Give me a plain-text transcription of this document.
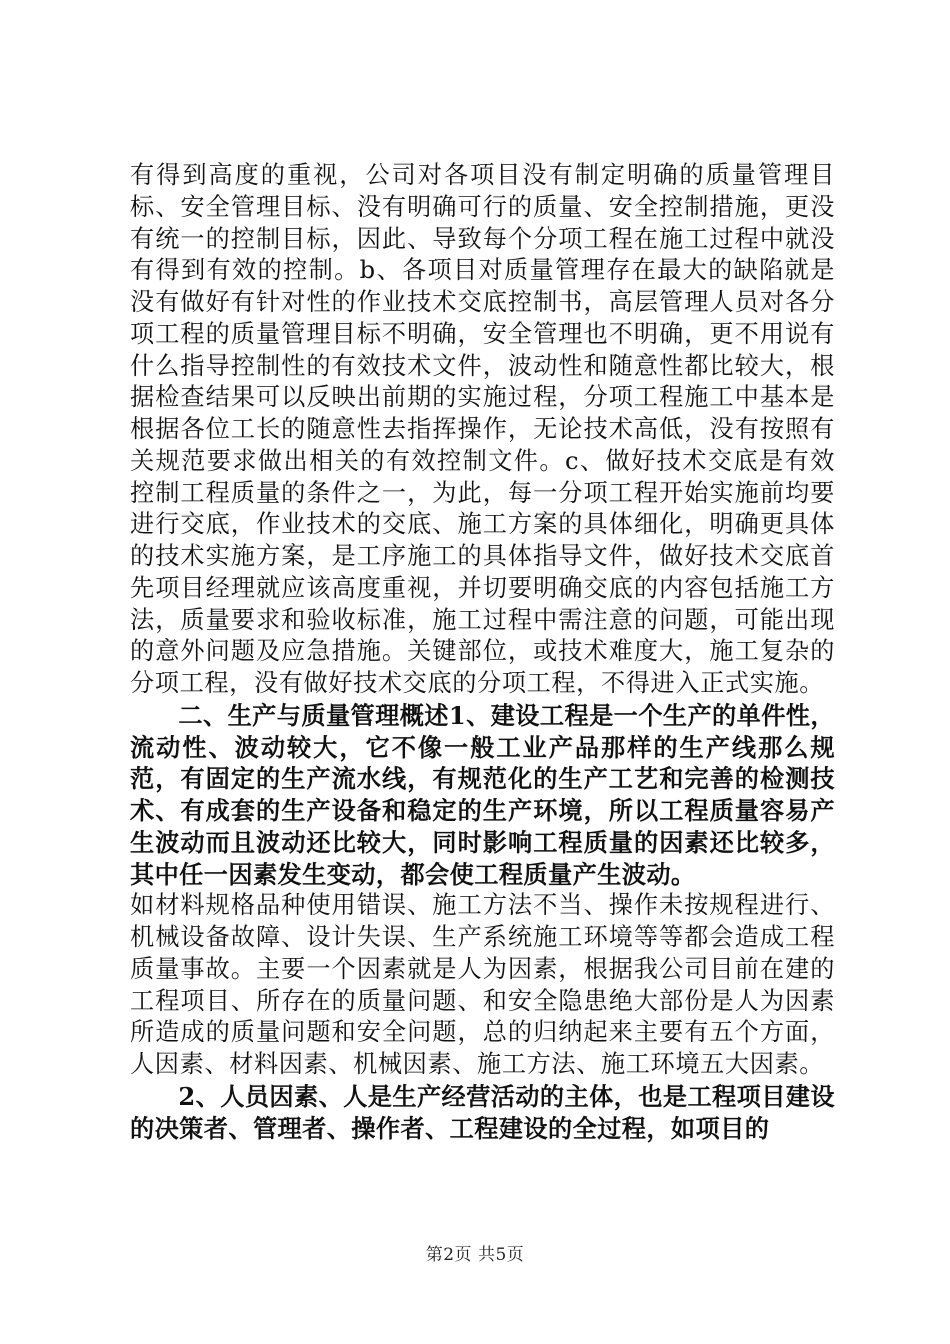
有得到高度的重视，公司对各项目没有制定明确的质量管理目标、安全管理目标、没有明确可行的质量、安全控制措施，更没有统一的控制目标，因此、导致每个分项工程在施工过程中就没有得到有效的控制。b、各项目对质量管理存在最大的缺陷就是没有做好有针对性的作业技术交底控制书，高层管理人员对各分项工程的质量管理目标不明确，安全管理也不明确，更不用说有什么指导控制性的有效技术文件，波动性和随意性都比较大，根据检查结果可以反映出前期的实施过程，分项工程施工中基本是根据各位工长的随意性去指挥操作，无论技术高低，没有按照有关规范要求做出相关的有效控制文件。c、做好技术交底是有效控制工程质量的条件之一，为此，每一分项工程开始实施前均要进行交底，作业技术的交底、施工方案的具体细化，明确更具体的技术实施方案，是工序施工的具体指导文件，做好技术交底首先项目经理就应该高度重视，并切要明确交底的内容包括施工方法，质量要求和验收标准，施工过程中需注意的问题，可能出现的意外问题及应急措施。关键部位，或技术难度大，施工复杂的分项工程，没有做好技术交底的分项工程，不得进入正式实施。

二、生产与质量管理概述1、建设工程是一个生产的单件性，流动性、波动较大，它不像一般工业产品那样的生产线那么规范，有固定的生产流水线，有规范化的生产工艺和完善的检测技术、有成套的生产设备和稳定的生产环境，所以工程质量容易产生波动而且波动还比较大，同时影响工程质量的因素还比较多，其中任一因素发生变动，都会使工程质量产生波动。

如材料规格品种使用错误、施工方法不当、操作未按规程进行、机械设备故障、设计失误、生产系统施工环境等等都会造成工程质量事故。主要一个因素就是人为因素，根据我公司目前在建的工程项目、所存在的质量问题、和安全隐患绝大部份是人为因素所造成的质量问题和安全问题，总的归纳起来主要有五个方面，人因素、材料因素、机械因素、施工方法、施工环境五大因素。

2、人员因素、人是生产经营活动的主体，也是工程项目建设的决策者、管理者、操作者、工程建设的全过程，如项目的

第2页 共5页
